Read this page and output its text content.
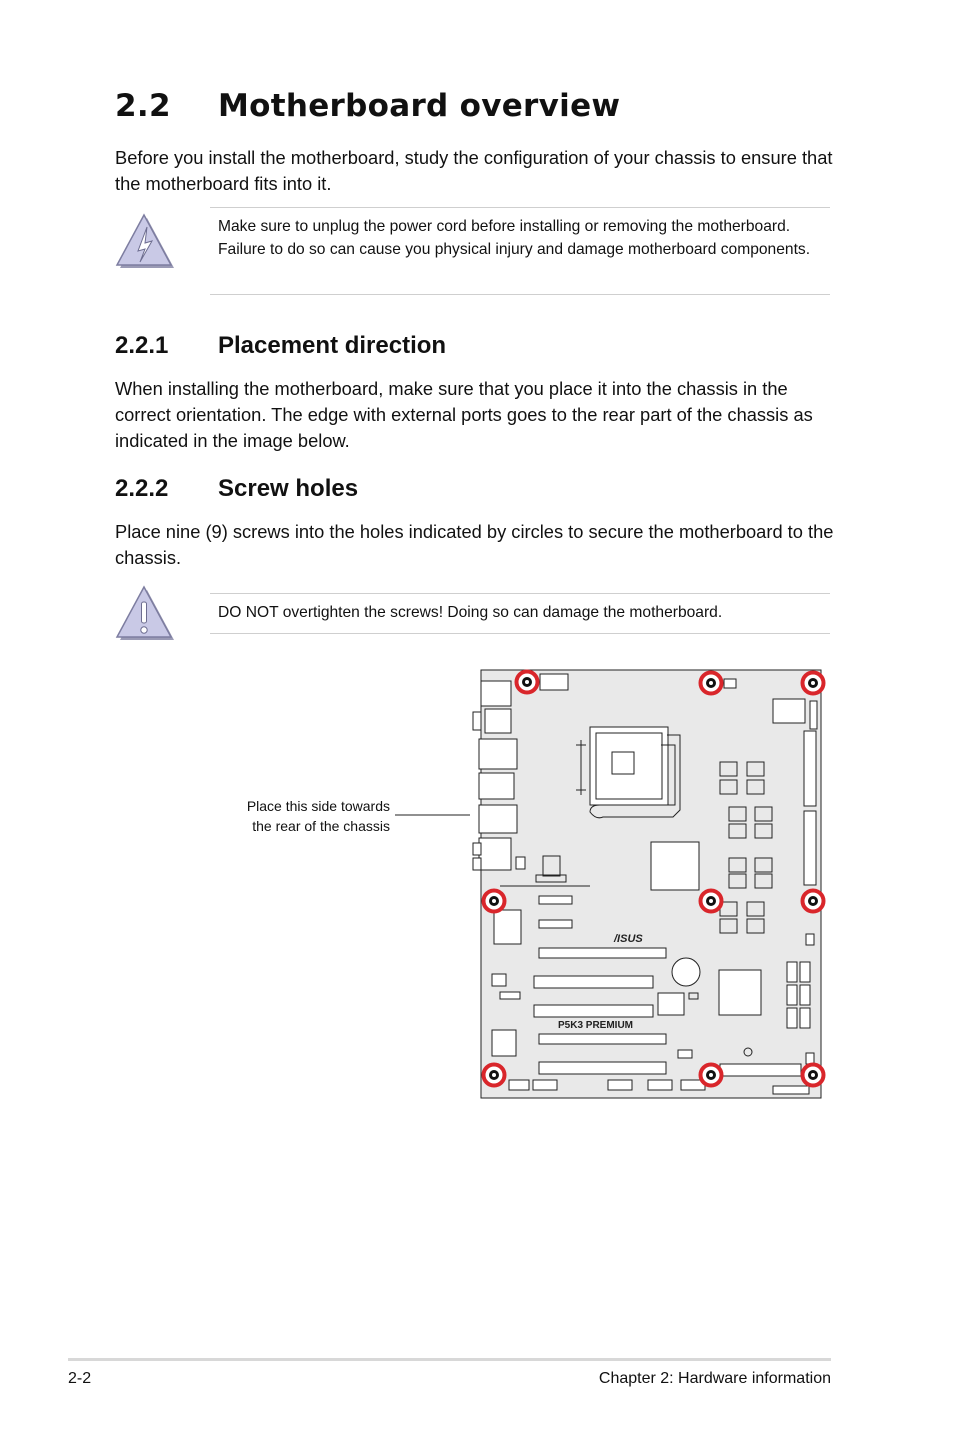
2.2 Motherboard overview

Before you install the motherboard, study the configuration of your chassis to ensure that the motherboard fits into it.

Make sure to unplug the power cord before installing or removing the motherboard. Failure to do so can cause you physical injury and damage motherboard components.

2.2.1 Placement direction

When installing the motherboard, make sure that you place it into the chassis in the correct orientation. The edge with external ports goes to the rear part of the chassis as indicated in the image below.

2.2.2 Screw holes

Place nine (9) screws into the holes indicated by circles to secure the motherboard to the chassis.

DO NOT overtighten the screws! Doing so can damage the motherboard.

Place this side towards
the rear of the chassis
/ISUS
P5K3 PREMIUM
2-2	Chapter 2: Hardware information
